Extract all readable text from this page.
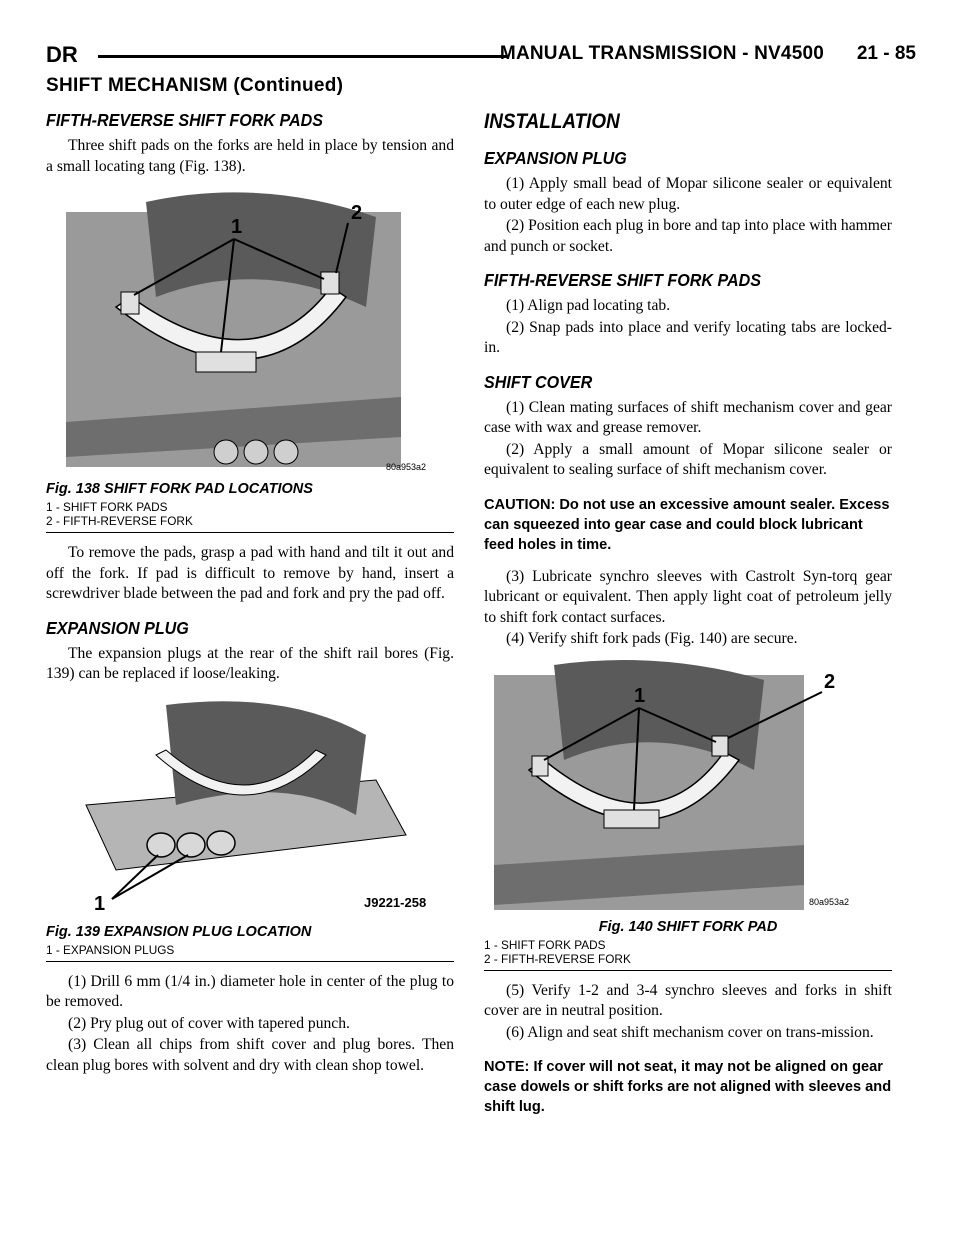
DR	MANUAL TRANSMISSION - NV4500 21 - 85
SHIFT MECHANISM (Continued)
FIFTH-REVERSE SHIFT FORK PADS

Three shift pads on the forks are held in place by tension and a small locating tang (Fig. 138).

1
2
80a953a2
Fig. 138 SHIFT FORK PAD LOCATIONS
1 - SHIFT FORK PADS
2 - FIFTH-REVERSE FORK

To remove the pads, grasp a pad with hand and tilt it out and off the fork. If pad is difficult to remove by hand, insert a screwdriver blade between the pad and fork and pry the pad off.

EXPANSION PLUG

The expansion plugs at the rear of the shift rail bores (Fig. 139) can be replaced if loose/leaking.

1	J9221-258
Fig. 139 EXPANSION PLUG LOCATION
1 - EXPANSION PLUGS

(1) Drill 6 mm (1/4 in.) diameter hole in center of the plug to be removed.

(2) Pry plug out of cover with tapered punch.

(3) Clean all chips from shift cover and plug bores. Then clean plug bores with solvent and dry with clean shop towel.

INSTALLATION
EXPANSION PLUG

(1) Apply small bead of Mopar silicone sealer or equivalent to outer edge of each new plug.

(2) Position each plug in bore and tap into place with hammer and punch or socket.

FIFTH-REVERSE SHIFT FORK PADS

(1) Align pad locating tab.

(2) Snap pads into place and verify locating tabs are locked-in.

SHIFT COVER

(1) Clean mating surfaces of shift mechanism cover and gear case with wax and grease remover.

(2) Apply a small amount of Mopar silicone sealer or equivalent to sealing surface of shift mechanism cover.

CAUTION: Do not use an excessive amount sealer. Excess can squeezed into gear case and could block lubricant feed holes in time.

(3) Lubricate synchro sleeves with Castrolt Syn-torq gear lubricant or equivalent. Then apply light coat of petroleum jelly to shift fork contact surfaces.

(4) Verify shift fork pads (Fig. 140) are secure.

1
2
80a953a2
Fig. 140 SHIFT FORK PAD
1 - SHIFT FORK PADS
2 - FIFTH-REVERSE FORK

(5) Verify 1-2 and 3-4 synchro sleeves and forks in shift cover are in neutral position.

(6) Align and seat shift mechanism cover on trans-mission.

NOTE: If cover will not seat, it may not be aligned on gear case dowels or shift forks are not aligned with sleeves and shift lug.
